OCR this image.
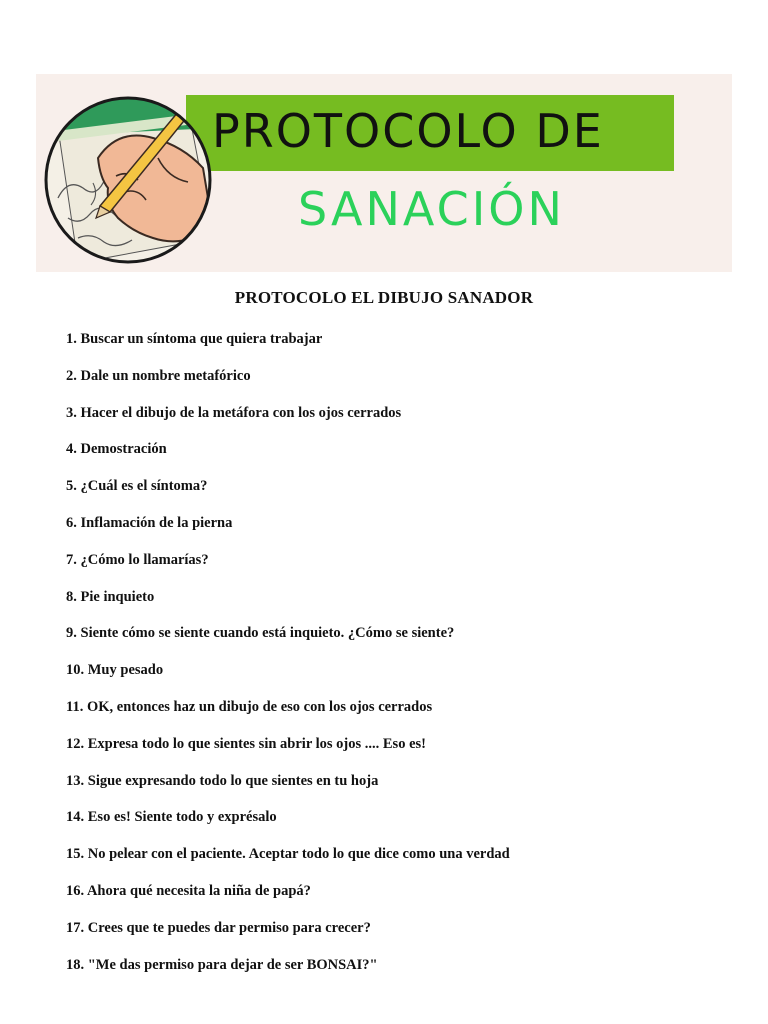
PROTOCOLO DE
SANACIÓN
PROTOCOLO EL DIBUJO SANADOR
1. Buscar un síntoma que quiera trabajar
2. Dale un nombre metafórico
3. Hacer el dibujo de la metáfora con los ojos cerrados
4. Demostración
5. ¿Cuál es el síntoma?
6. Inflamación de la pierna
7. ¿Cómo lo llamarías?
8. Pie inquieto
9. Siente cómo se siente cuando está inquieto. ¿Cómo se siente?
10. Muy pesado
11. OK, entonces haz un dibujo de eso con los ojos cerrados
12. Expresa todo lo que sientes sin abrir los ojos .... Eso es!
13. Sigue expresando todo lo que sientes en tu hoja
14. Eso es! Siente todo y exprésalo
15. No pelear con el paciente. Aceptar todo lo que dice como una verdad
16. Ahora qué necesita la niña de papá?
17. Crees que te puedes dar permiso para crecer?
18. "Me das permiso para dejar de ser BONSAI?"
